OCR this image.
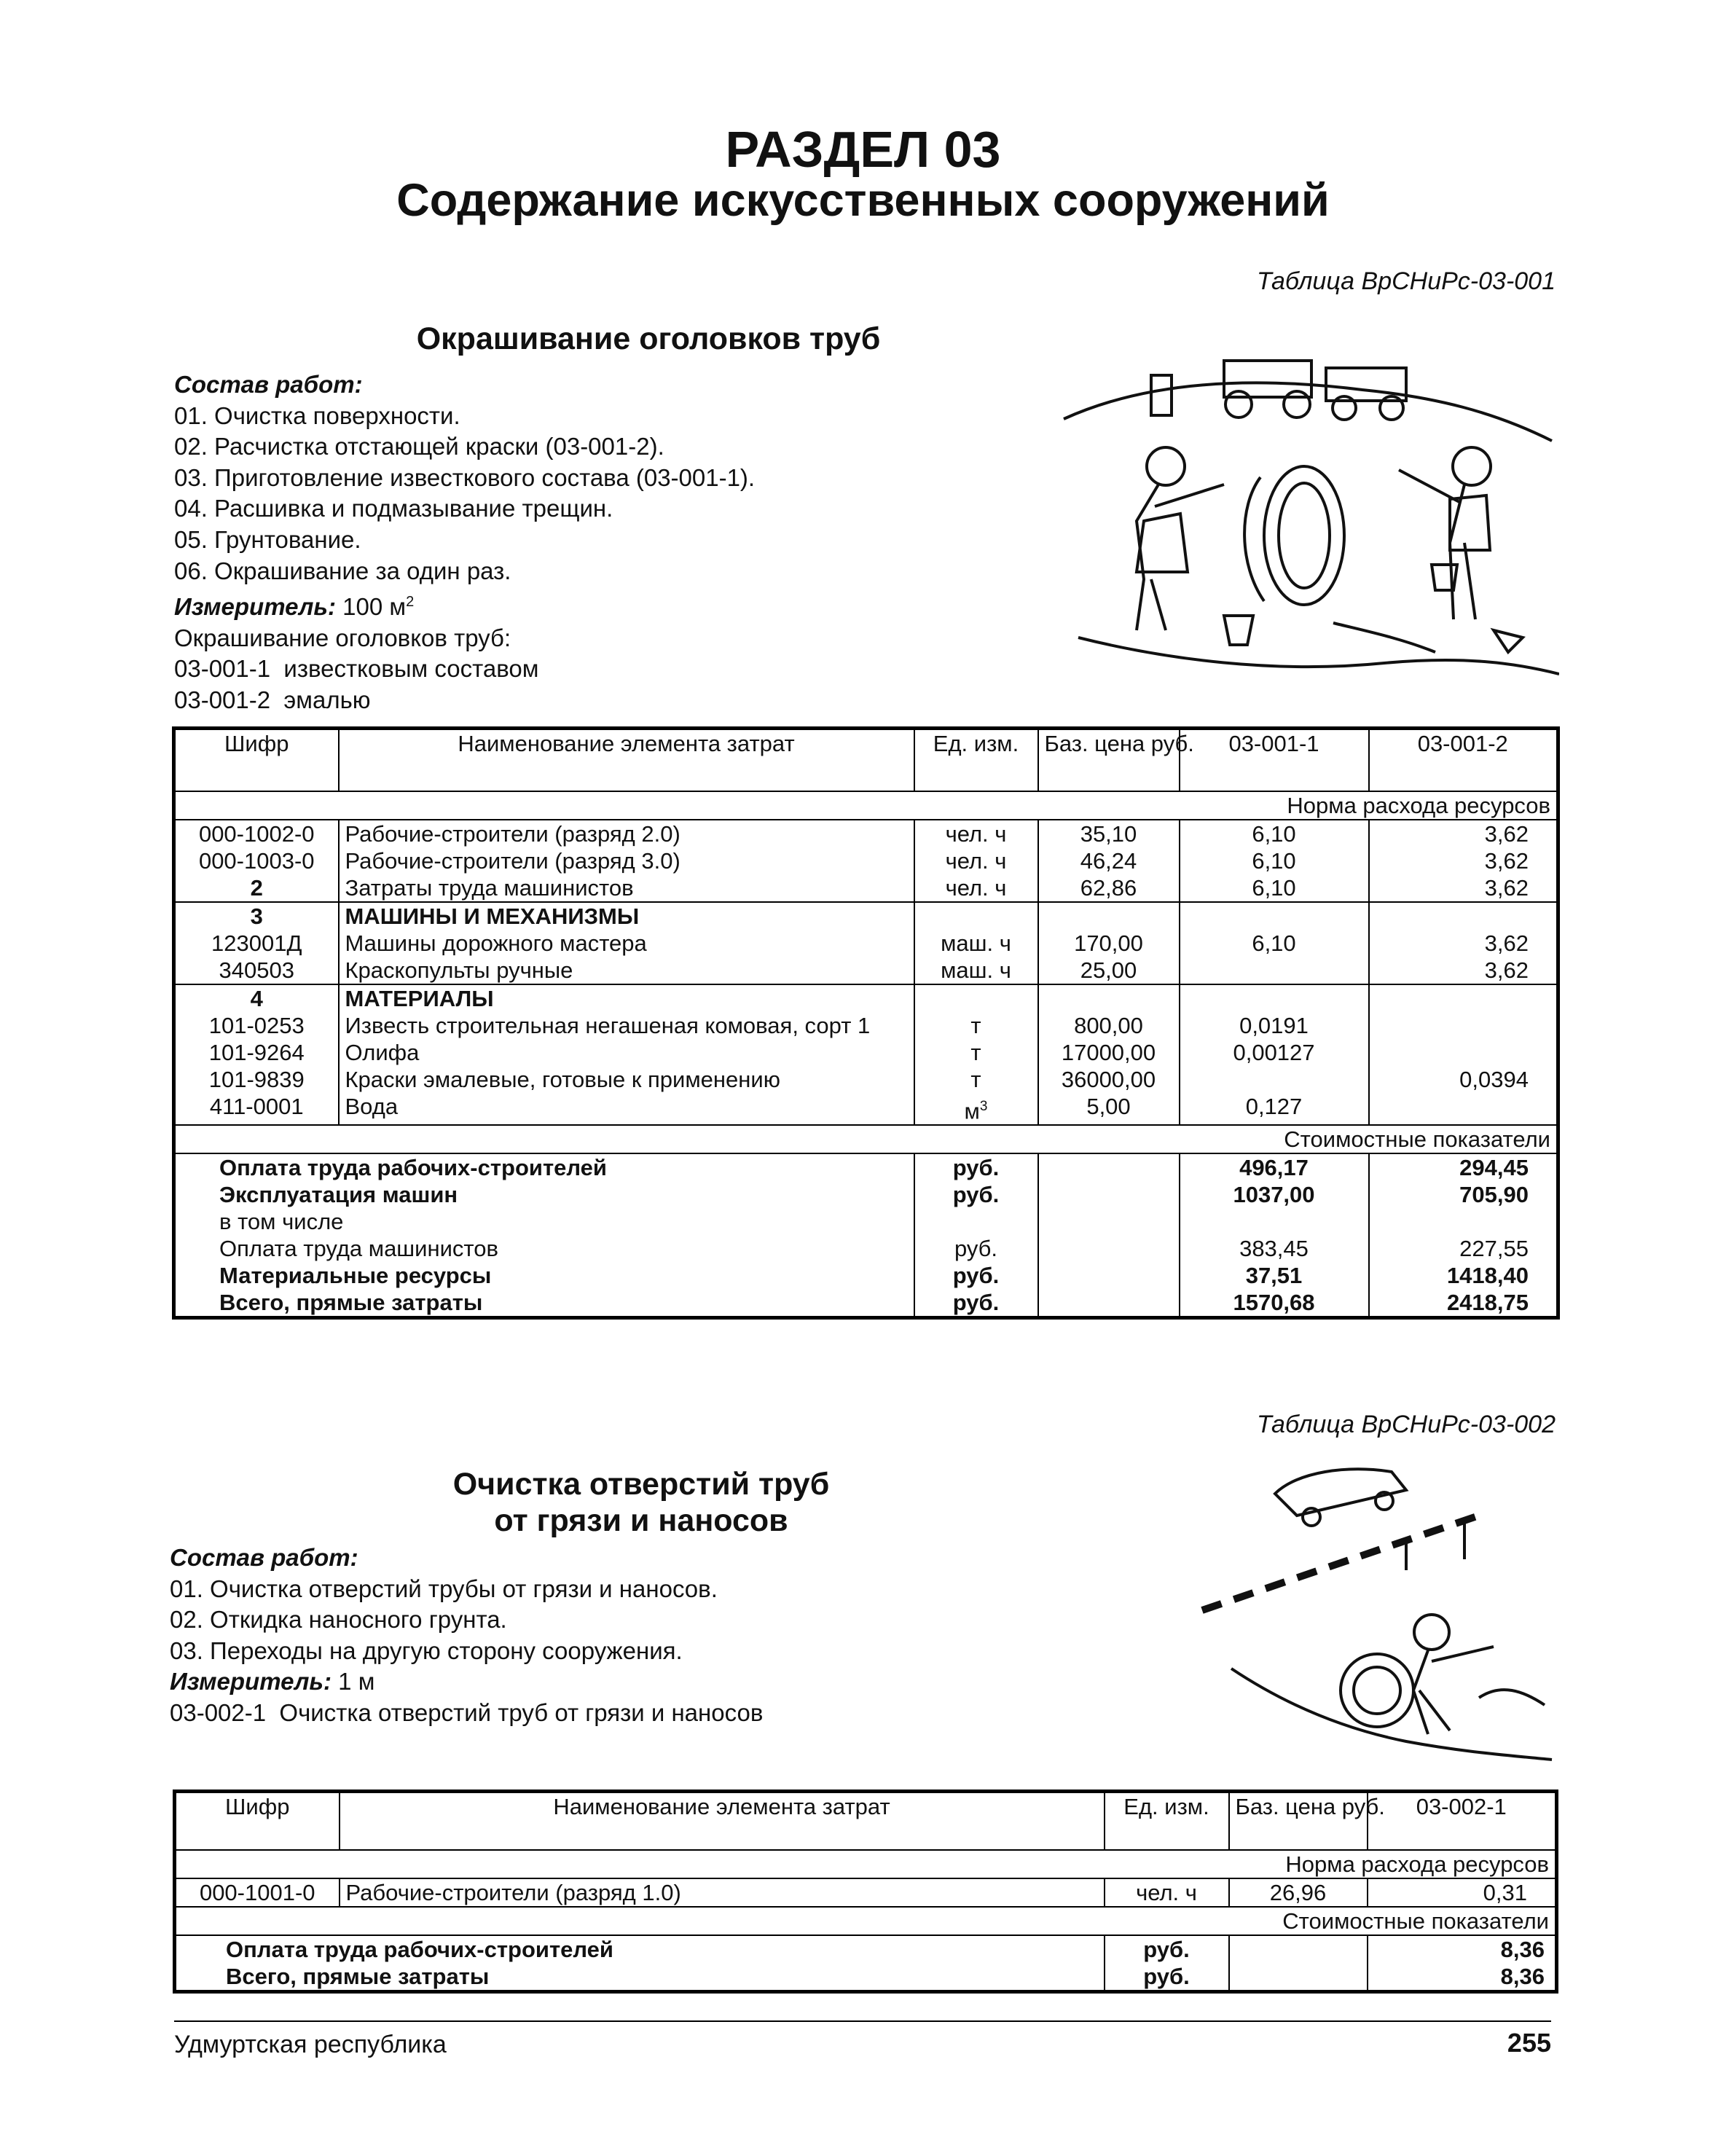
РАЗДЕЛ 03
Содержание искусственных сооружений
Таблица ВрСНиРс-03-001
Окрашивание оголовков труб
Состав работ:
01. Очистка поверхности.
02. Расчистка отстающей краски (03-001-2).
03. Приготовление известкового состава (03-001-1).
04. Расшивка и подмазывание трещин.
05. Грунтование.
06. Окрашивание за один раз.
Измеритель: 100 $м^2$
Окрашивание оголовков труб:
03-001-1  известковым составом
03-001-2  эмалью
Шифр	Наименование элемента затрат	Ед. изм.	Баз. цена руб.	03-001-1	03-001-2
Норма расхода ресурсов					
000-1002-0	Рабочие-строители (разряд 2.0)	чел. ч	35,10	6,10	3,62
000-1003-0	Рабочие-строители (разряд 3.0)	чел. ч	46,24	6,10	3,62
2	Затраты труда машинистов	чел. ч	62,86	6,10	3,62
3	МАШИНЫ И МЕХАНИЗМЫ				
123001Д	Машины дорожного мастера	маш. ч	170,00	6,10	3,62
340503	Краскопульты ручные	маш. ч	25,00		3,62
4	МАТЕРИАЛЫ				
101-0253	Известь строительная негашеная комовая, сорт 1	т	800,00	0,0191	
101-9264	Олифа	т	17000,00	0,00127	
101-9839	Краски эмалевые, готовые к применению	т	36000,00		0,0394
411-0001	Вода	$м^3$	5,00	0,127	
Стоимостные показатели					
Оплата труда рабочих-строителей		руб.		496,17	294,45
Эксплуатация машин		руб.		1037,00	705,90
в том числе					
Оплата труда машинистов		руб.		383,45	227,55
Материальные ресурсы		руб.		37,51	1418,40
Всего, прямые затраты		руб.		1570,68	2418,75
Таблица ВрСНиРс-03-002
Очистка отверстий труб
от грязи и наносов
Состав работ:
01. Очистка отверстий трубы от грязи и наносов.
02. Откидка наносного грунта.
03. Переходы на другую сторону сооружения.
Измеритель: 1 м
03-002-1  Очистка отверстий труб от грязи и наносов
Шифр	Наименование элемента затрат	Ед. изм.	Баз. цена руб.	03-002-1
Норма расхода ресурсов				
000-1001-0	Рабочие-строители (разряд 1.0)	чел. ч	26,96	0,31
Стоимостные показатели				
Оплата труда рабочих-строителей		руб.		8,36
Всего, прямые затраты		руб.		8,36
Удмуртская республика	255
